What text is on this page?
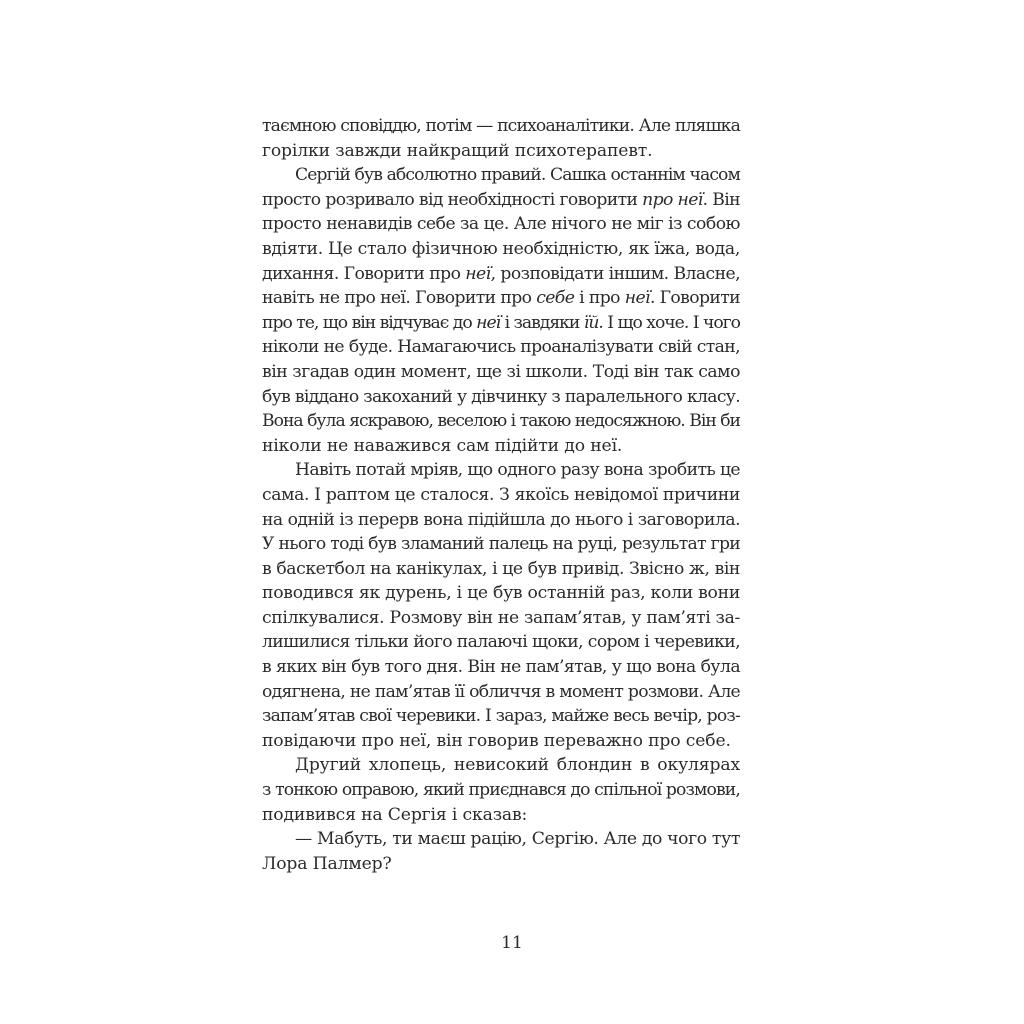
таємною сповіддю, потім — психоаналітики. Але пляшка
горілки завжди найкращий психотерапевт.
Сергій був абсолютно правий. Сашка останнім часом
просто розривало від необхідності говорити про неї. Він
просто ненавидів себе за це. Але нічого не міг із собою
вдіяти. Це стало фізичною необхідністю, як їжа, вода,
дихання. Говорити про неї, розповідати іншим. Власне,
навіть не про неї. Говорити про себе і про неї. Говорити
про те, що він відчуває до неї і завдяки їй. І що хоче. І чого
ніколи не буде. Намагаючись проаналізувати свій стан,
він згадав один момент, ще зі школи. Тоді він так само
був віддано закоханий у дівчинку з паралельного класу.
Вона була яскравою, веселою і такою недосяжною. Він би
ніколи не наважився сам підійти до неї.
Навіть потай мріяв, що одного разу вона зробить це
сама. І раптом це сталося. З якоїсь невідомої причини
на одній із перерв вона підійшла до нього і заговорила.
У нього тоді був зламаний палець на руці, результат гри
в баскетбол на канікулах, і це був привід. Звісно ж, він
поводився як дурень, і це був останній раз, коли вони
спілкувалися. Розмову він не запам’ятав, у пам’яті за-
лишилися тільки його палаючі щоки, сором і черевики,
в яких він був того дня. Він не пам’ятав, у що вона була
одягнена, не пам’ятав її обличчя в момент розмови. Але
запам’ятав свої черевики. І зараз, майже весь вечір, роз-
повідаючи про неї, він говорив переважно про себе.
Другий хлопець, невисокий блондин в окулярах
з тонкою оправою, який приєднався до спільної розмови,
подивився на Сергія і сказав:
— Мабуть, ти маєш рацію, Сергію. Але до чого тут
Лора Палмер?
11
